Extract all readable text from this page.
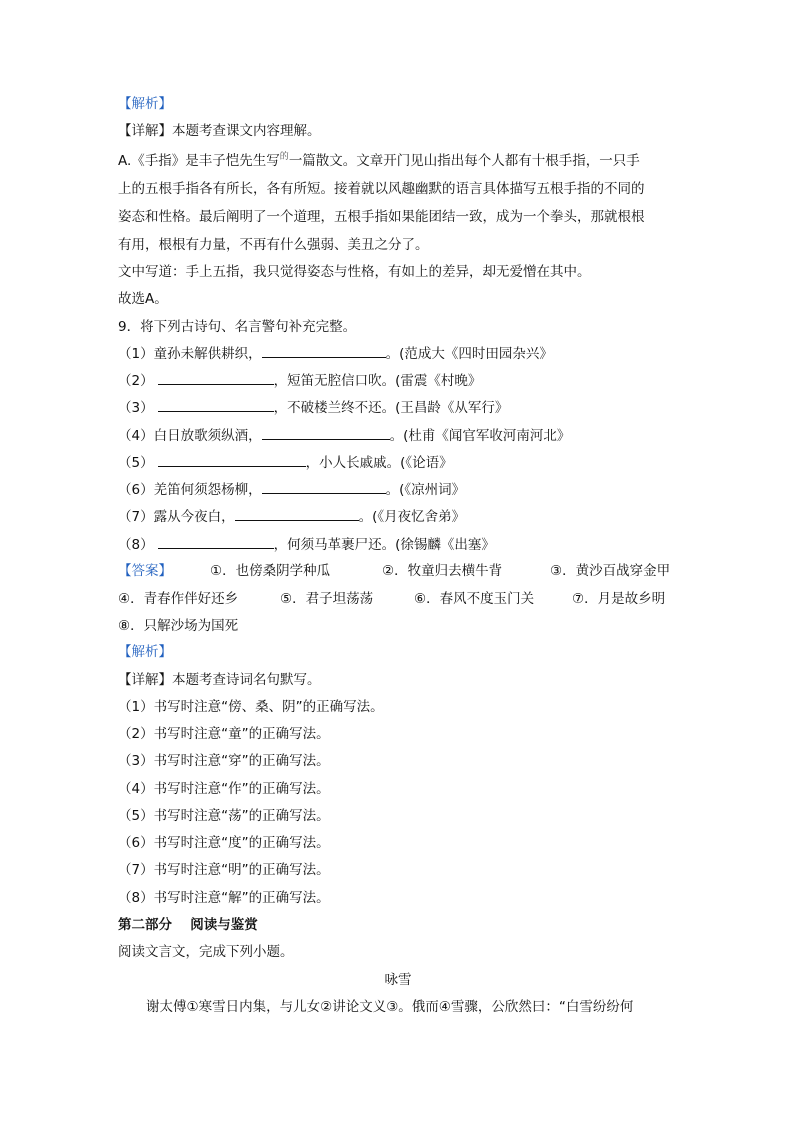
【解析】
【详解】本题考查课文内容理解。
A.《手指》是丰子恺先生写$^的$一篇散文。文章开门见山指出每个人都有十根手指，一只手
上的五根手指各有所长，各有所短。接着就以风趣幽默的语言具体描写五根手指的不同的
姿态和性格。最后阐明了一个道理，五根手指如果能团结一致，成为一个拳头，那就根根
有用，根根有力量，不再有什么强弱、美丑之分了。
文中写道：手上五指，我只觉得姿态与性格，有如上的差异，却无爱憎在其中。
故选A。
9．将下列古诗句、名言警句补充完整。
（1）童孙未解供耕织，	。(范成大《四时田园杂兴》
（2）	，短笛无腔信口吹。(雷震《村晚》
（3）	，不破楼兰终不还。(王昌龄《从军行》
（4）白日放歌须纵酒，	。(杜甫《闻官军收河南河北》
（5）	，小人长戚戚。(《论语》
（6）羌笛何须怨杨柳，	。(《凉州词》
（7）露从今夜白，	。(《月夜忆舍弟》
（8）	，何须马革裹尸还。(徐锡麟《出塞》
【答案】	①．也傍桑阴学种瓜	②．牧童归去横牛背	③．黄沙百战穿金甲
④．青春作伴好还乡	⑤．君子坦荡荡	⑥．春风不度玉门关	⑦．月是故乡明
⑧．只解沙场为国死
【解析】
【详解】本题考查诗词名句默写。
（1）书写时注意“傍、桑、阴”的正确写法。
（2）书写时注意“童”的正确写法。
（3）书写时注意“穿”的正确写法。
（4）书写时注意“作”的正确写法。
（5）书写时注意“荡”的正确写法。
（6）书写时注意“度”的正确写法。
（7）书写时注意“明”的正确写法。
（8）书写时注意“解”的正确写法。
第二部分　 阅读与鉴赏
阅读文言文，完成下列小题。
咏雪
谢太傅①寒雪日内集，与儿女②讲论文义③。俄而④雪骤，公欣然曰：“白雪纷纷何
